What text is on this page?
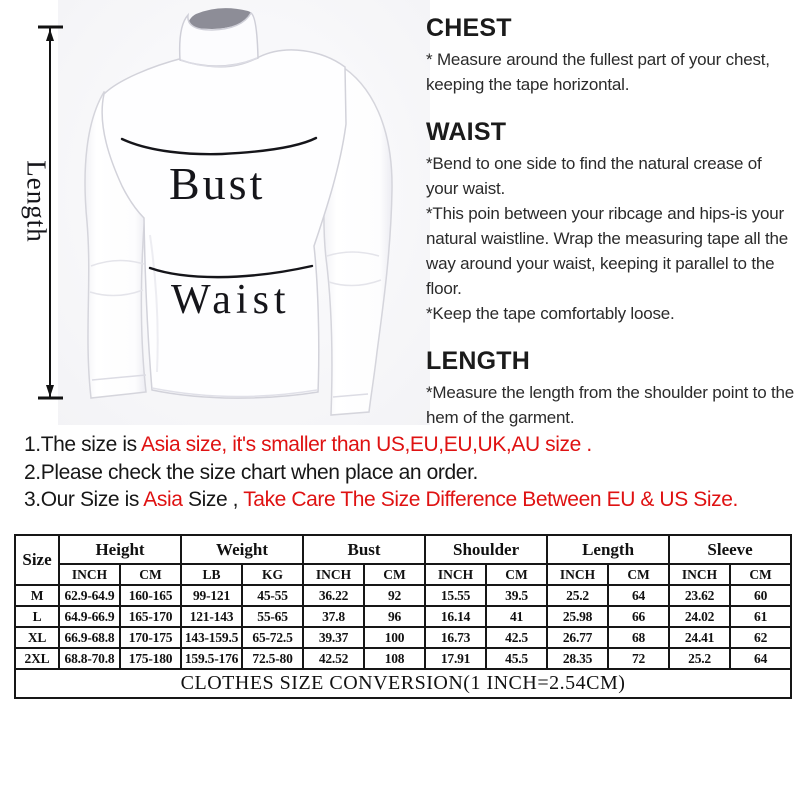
Bust
Waist
Length
CHEST

* Measure around the fullest part of your chest, keeping the tape horizontal.

WAIST

*Bend to one side to find the natural crease of your waist.

*This poin between your ribcage and hips-is your natural waistline. Wrap the measuring tape all the way around your waist, keeping it parallel to the floor.

*Keep the tape comfortably loose.

LENGTH

*Measure the length from the shoulder point to the hem of the garment.

1.The size is Asia size, it's smaller than US,EU,EU,UK,AU size .
2.Please check the size chart when place an order.
3.Our Size is Asia Size , Take Care The Size Difference Between EU & US Size.
Size	Height		Weight		Bust		Shoulder		Length		Sleeve	
	INCH	CM	LB	KG	INCH	CM	INCH	CM	INCH	CM	INCH	CM
M	62.9-64.9	160-165	99-121	45-55	36.22	92	15.55	39.5	25.2	64	23.62	60
L	64.9-66.9	165-170	121-143	55-65	37.8	96	16.14	41	25.98	66	24.02	61
XL	66.9-68.8	170-175	143-159.5	65-72.5	39.37	100	16.73	42.5	26.77	68	24.41	62
2XL	68.8-70.8	175-180	159.5-176	72.5-80	42.52	108	17.91	45.5	28.35	72	25.2	64
CLOTHES SIZE CONVERSION(1 INCH=2.54CM)												
